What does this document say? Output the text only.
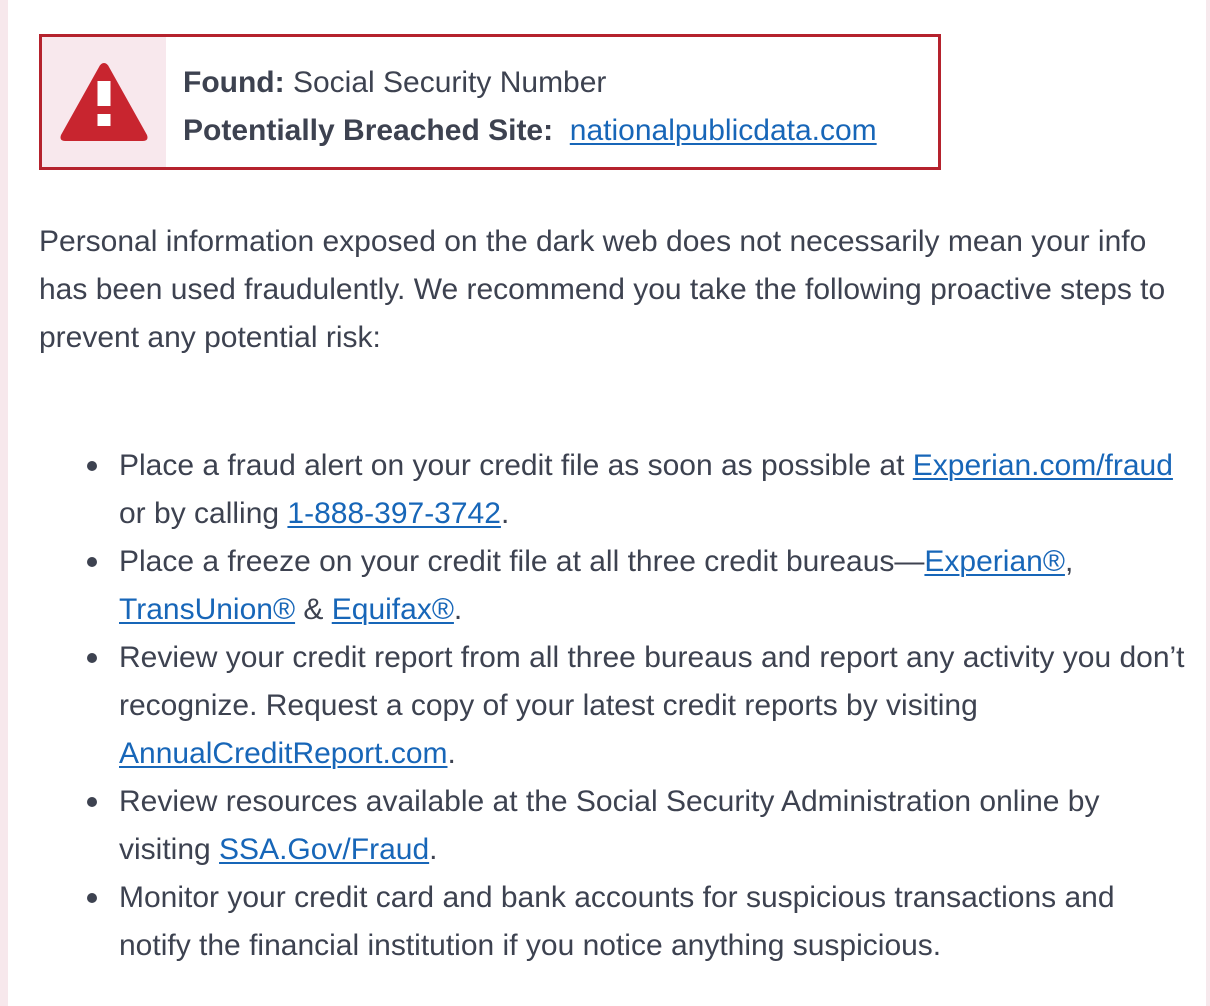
Found: Social Security Number
Potentially Breached Site: nationalpublicdata.com

Personal information exposed on the dark web does not necessarily mean your info has been used fraudulently. We recommend you take the following proactive steps to prevent any potential risk:

Place a fraud alert on your credit file as soon as possible at Experian.com/fraud or by calling 1-888-397-3742.
Place a freeze on your credit file at all three credit bureaus—Experian®, TransUnion® & Equifax®.
Review your credit report from all three bureaus and report any activity you don’t recognize. Request a copy of your latest credit reports by visiting AnnualCreditReport.com.
Review resources available at the Social Security Administration online by visiting SSA.Gov/Fraud.
Monitor your credit card and bank accounts for suspicious transactions and notify the financial institution if you notice anything suspicious.
